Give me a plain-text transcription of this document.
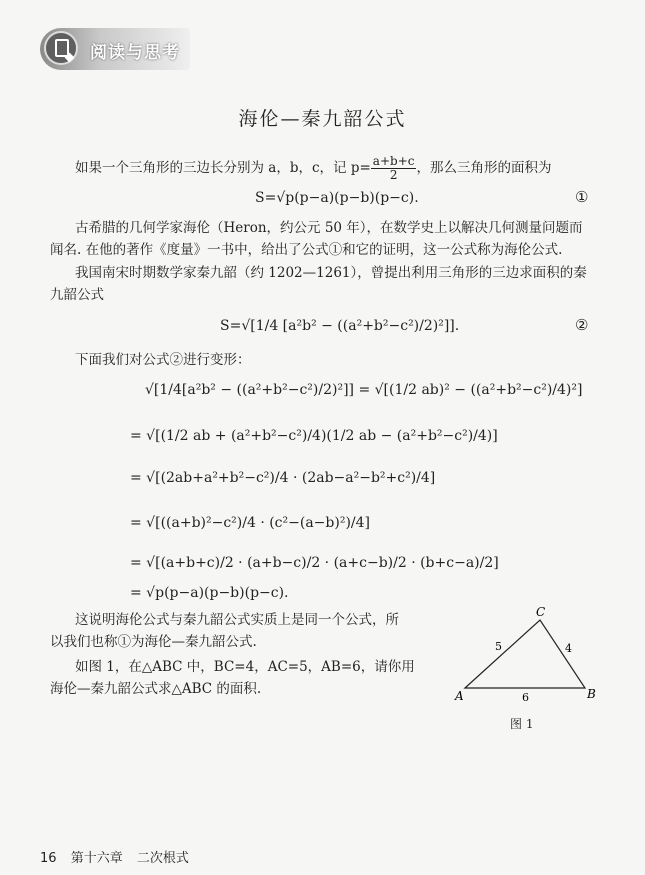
阅读与思考
海伦—秦九韶公式
如果一个三角形的三边长分别为 a，b，c，记 $p= \frac{a+b+c}{2}$ ，那么三角形的面积为
S=√p(p−a)(p−b)(p−c).	①
古希腊的几何学家海伦（Heron，约公元 50 年），在数学史上以解决几何测量问题而
闻名. 在他的著作《度量》一书中，给出了公式①和它的证明，这一公式称为海伦公式.
我国南宋时期数学家秦九韶（约 1202—1261），曾提出利用三角形的三边求面积的秦
九韶公式
S=√[1/4 [a²b² − ((a²+b²−c²)/2)²]].	②
下面我们对公式②进行变形：
√[1/4[a²b² − ((a²+b²−c²)/2)²]] = √[(1/2 ab)² − ((a²+b²−c²)/4)²]
= √[(1/2 ab + (a²+b²−c²)/4)(1/2 ab − (a²+b²−c²)/4)]
= √[(2ab+a²+b²−c²)/4 · (2ab−a²−b²+c²)/4]
= √[((a+b)²−c²)/4 · (c²−(a−b)²)/4]
= √[(a+b+c)/2 · (a+b−c)/2 · (a+c−b)/2 · (b+c−a)/2]
= √p(p−a)(p−b)(p−c).
这说明海伦公式与秦九韶公式实质上是同一个公式，所
以我们也称①为海伦—秦九韶公式.
如图 1，在△ABC 中，BC=4，AC=5，AB=6，请你用
海伦—秦九韶公式求△ABC 的面积.	A	B
C
5	4
6
图 1
16 第十六章 二次根式
